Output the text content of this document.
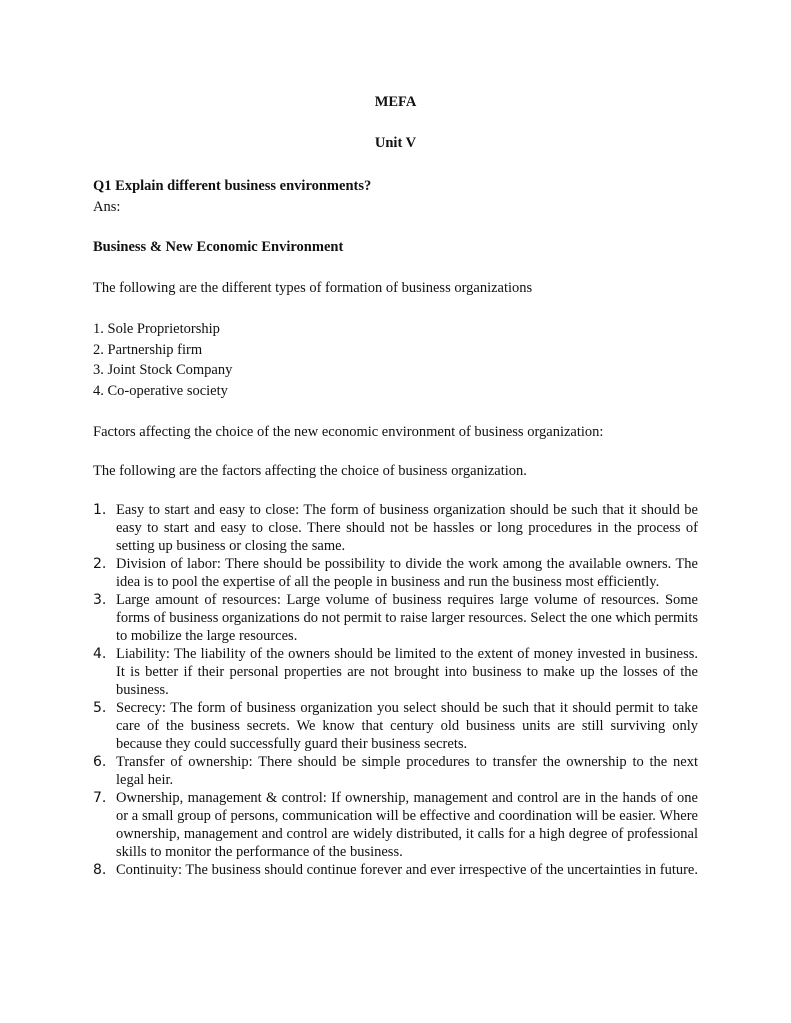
MEFA
Unit V
Q1 Explain different business environments?
Ans:
Business & New Economic Environment
The following are the different types of formation of business organizations
1. Sole Proprietorship
2. Partnership firm
3. Joint Stock Company
4. Co-operative society
Factors affecting the choice of the new economic environment of business organization:
The following are the factors affecting the choice of business organization.
1. Easy to start and easy to close: The form of business organization should be such that it should be easy to start and easy to close. There should not be hassles or long procedures in the process of setting up business or closing the same.
2. Division of labor: There should be possibility to divide the work among the available owners. The idea is to pool the expertise of all the people in business and run the business most efficiently.
3. Large amount of resources: Large volume of business requires large volume of resources. Some forms of business organizations do not permit to raise larger resources. Select the one which permits to mobilize the large resources.
4. Liability: The liability of the owners should be limited to the extent of money invested in business. It is better if their personal properties are not brought into business to make up the losses of the business.
5. Secrecy: The form of business organization you select should be such that it should permit to take care of the business secrets. We know that century old business units are still surviving only because they could successfully guard their business secrets.
6. Transfer of ownership: There should be simple procedures to transfer the ownership to the next legal heir.
7. Ownership, management & control: If ownership, management and control are in the hands of one or a small group of persons, communication will be effective and coordination will be easier. Where ownership, management and control are widely distributed, it calls for a high degree of professional skills to monitor the performance of the business.
8. Continuity: The business should continue forever and ever irrespective of the uncertainties in future.
